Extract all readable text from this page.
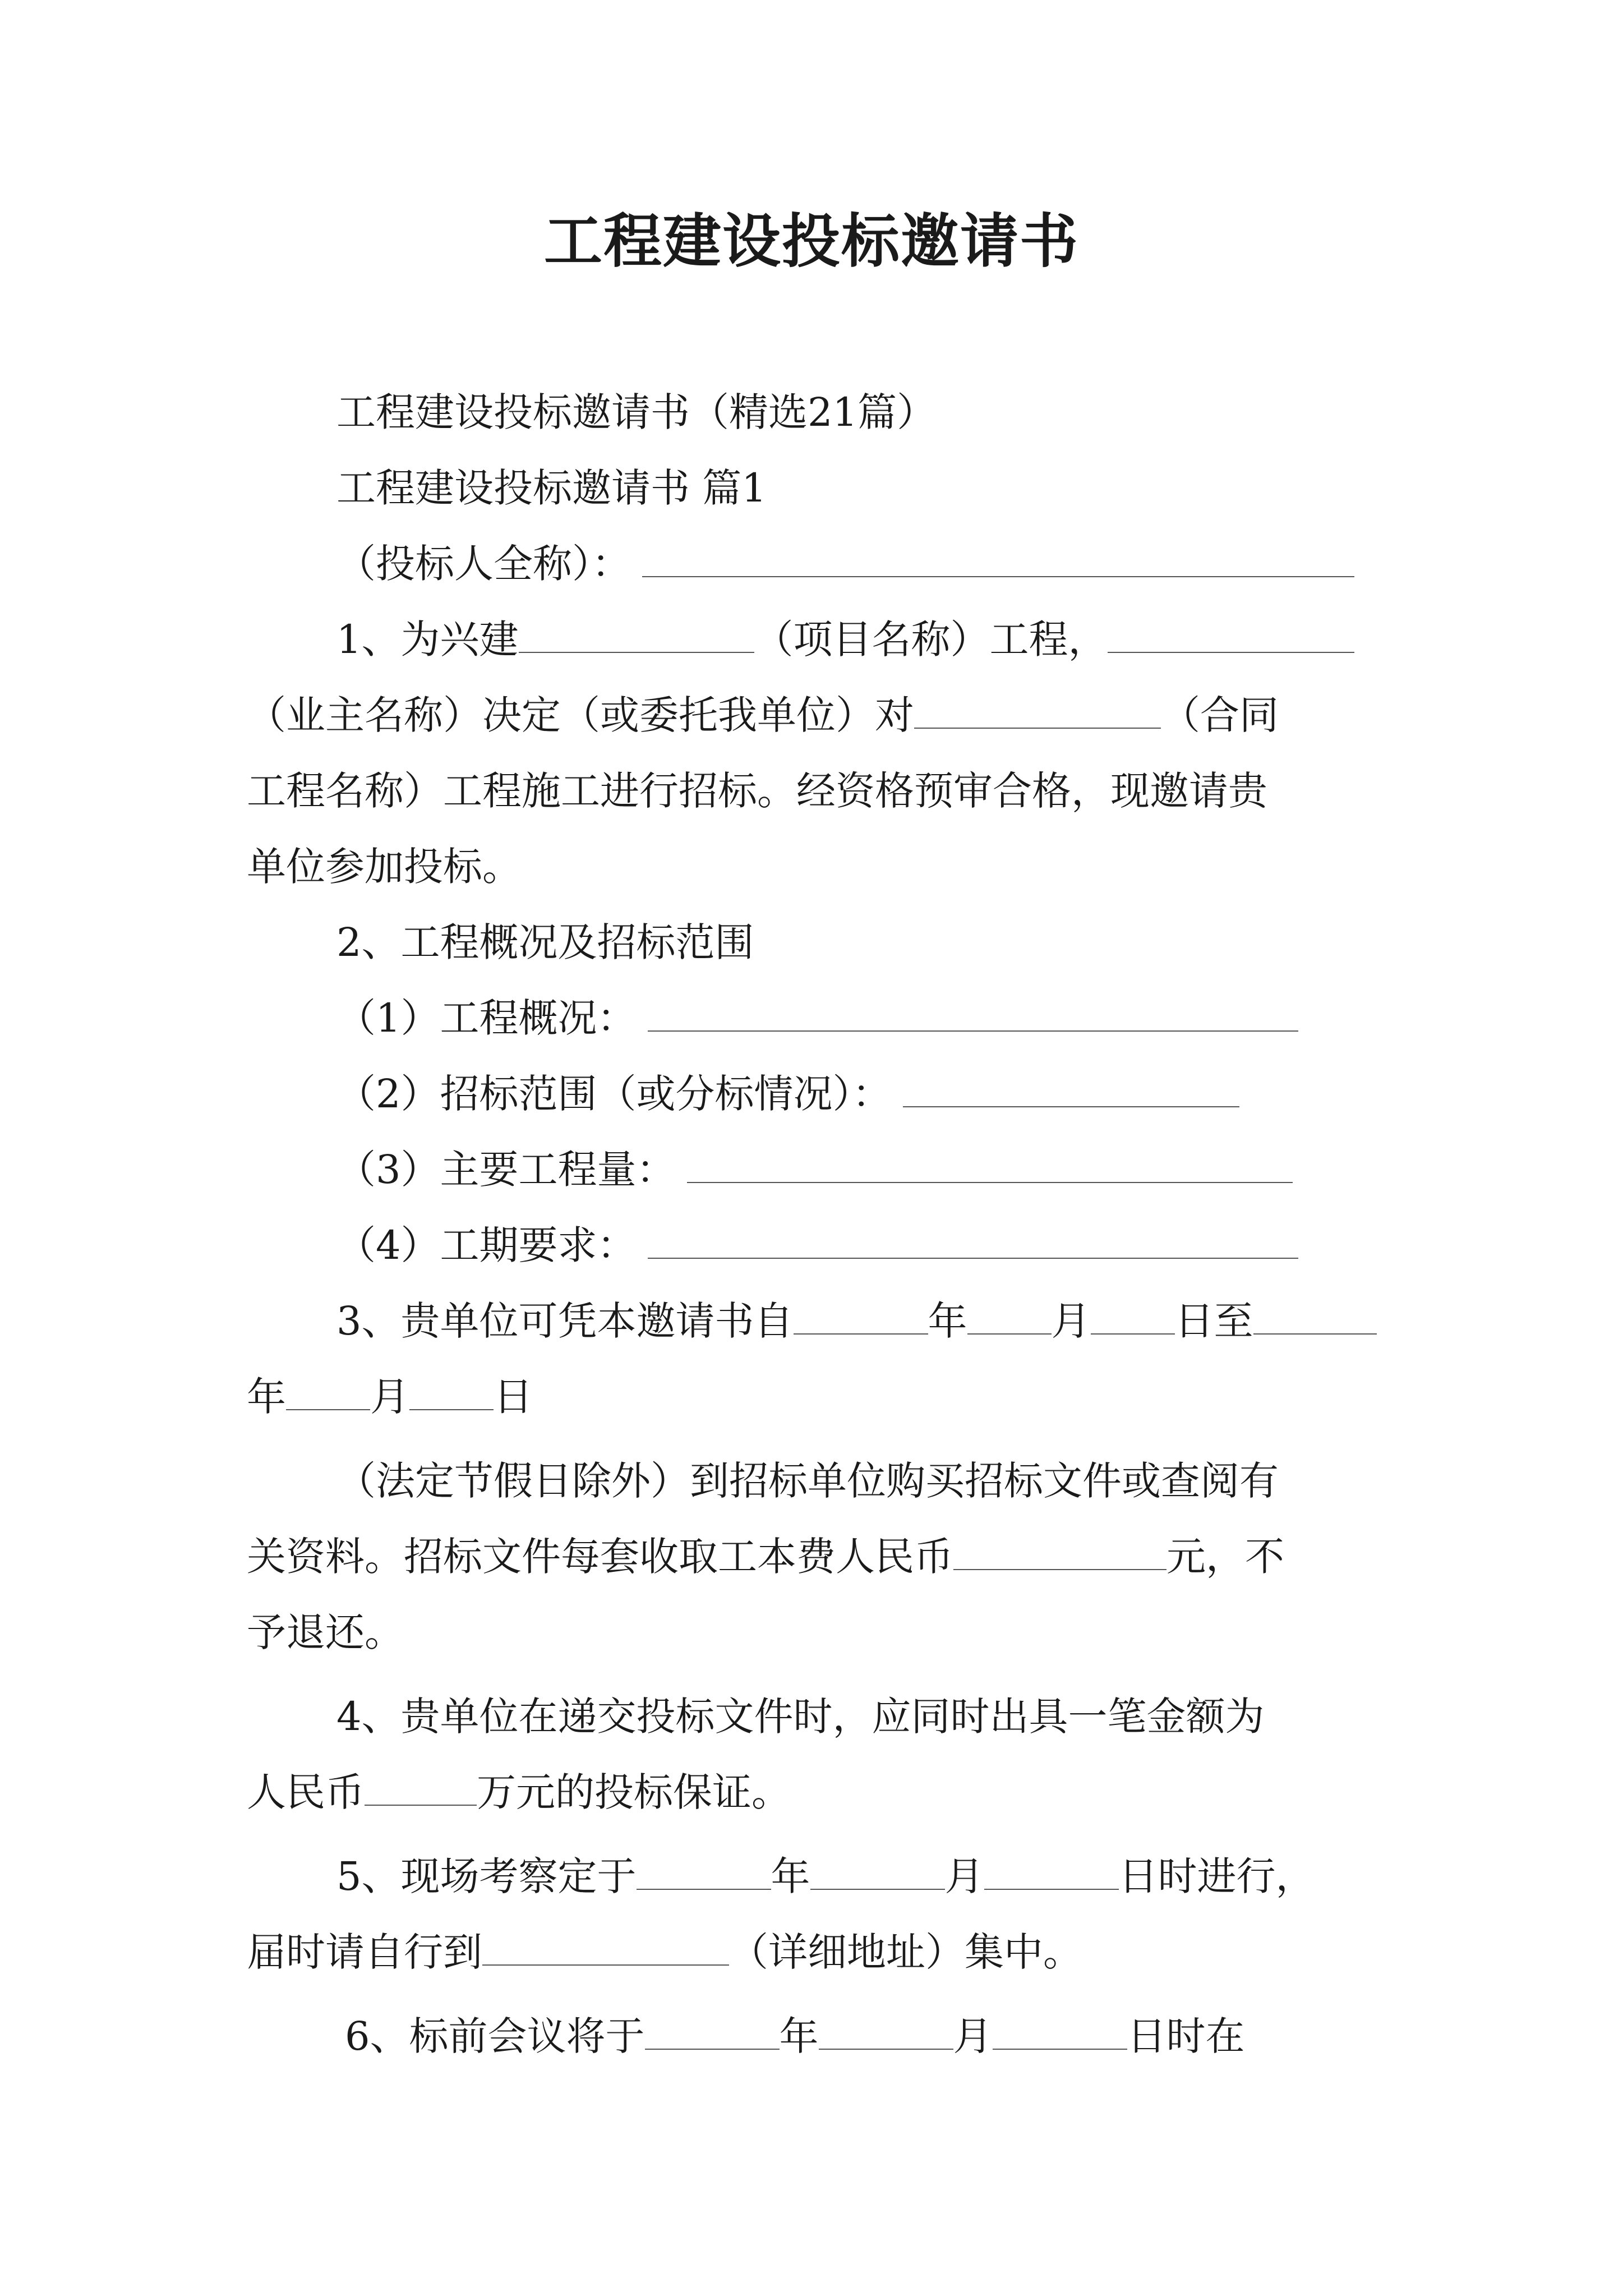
工程建设投标邀请书
工程建设投标邀请书（精选21篇）
工程建设投标邀请书 篇1
（投标人全称）：
1、为兴建	（项目名称）工程，
（业主名称）决定（或委托我单位）对	（合同
工程名称）工程施工进行招标。经资格预审合格，现邀请贵
单位参加投标。
2、工程概况及招标范围
（1）工程概况：
（2）招标范围（或分标情况）：
（3）主要工程量：
（4）工期要求：
3、贵单位可凭本邀请书自	年 月 日至
年 月 日
（法定节假日除外）到招标单位购买招标文件或查阅有
关资料。招标文件每套收取工本费人民币	元，不
予退还。
4、贵单位在递交投标文件时，应同时出具一笔金额为
人民币	万元的投标保证。
5、现场考察定于	年	月	日时进行，
届时请自行到	（详细地址）集中。
6、标前会议将于	年	月	日时在
